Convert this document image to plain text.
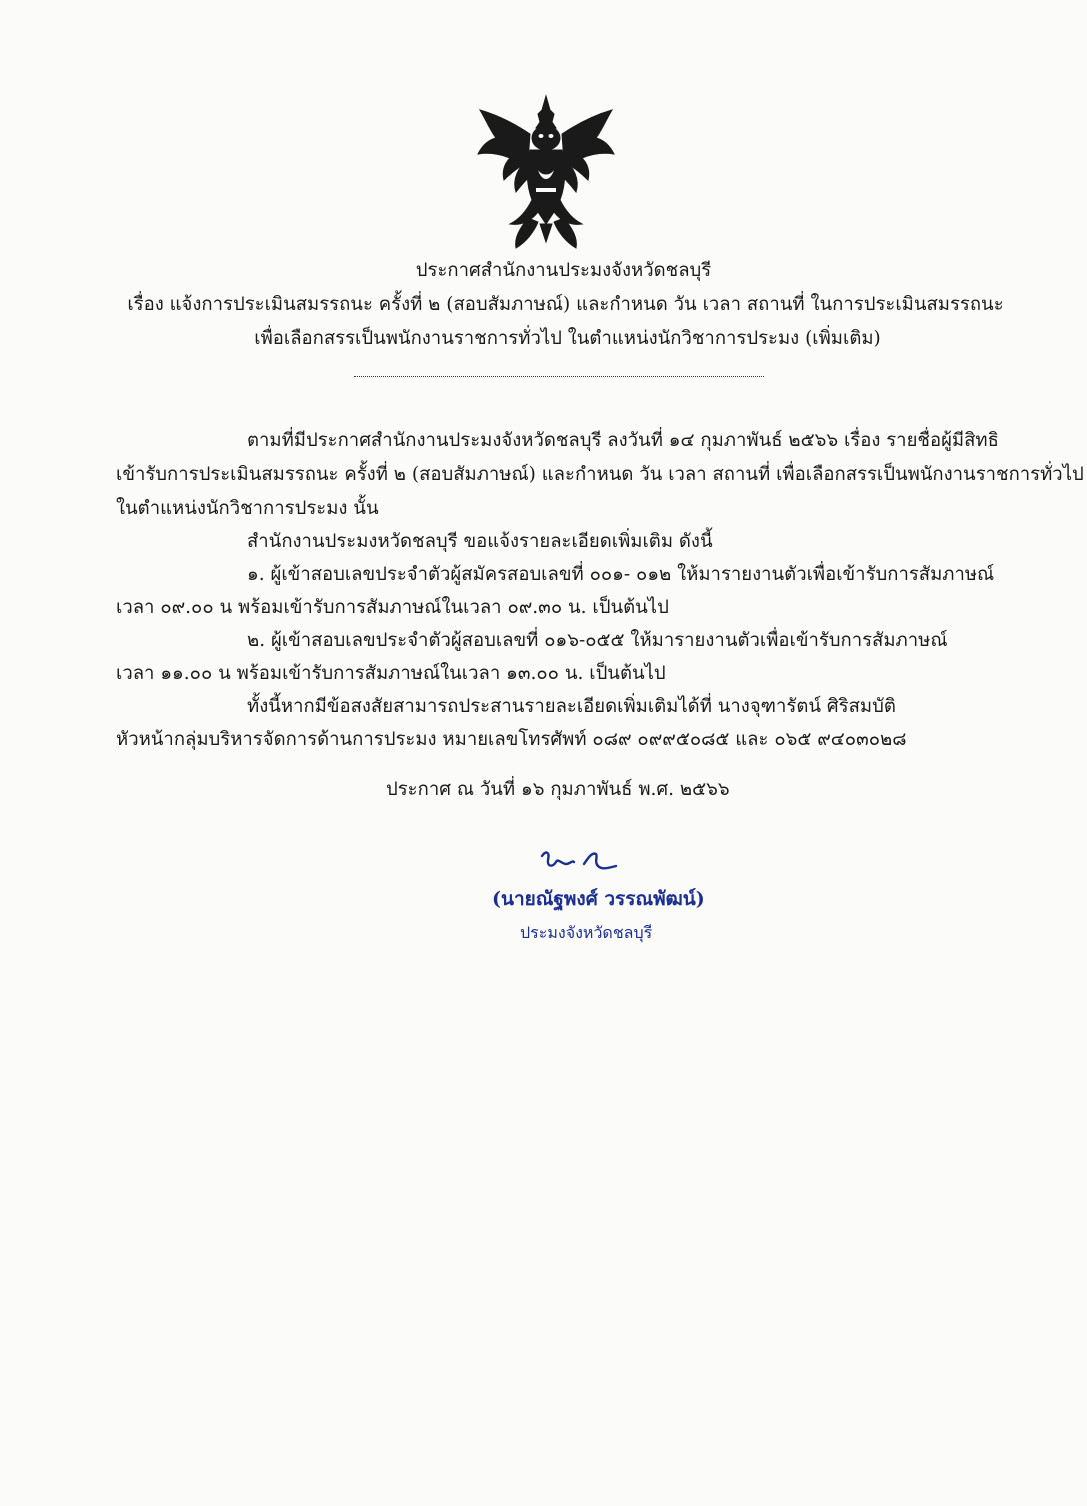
ประกาศสำนักงานประมงจังหวัดชลบุรี
เรื่อง แจ้งการประเมินสมรรถนะ ครั้งที่ ๒ (สอบสัมภาษณ์) และกำหนด วัน เวลา สถานที่ ในการประเมินสมรรถนะ
เพื่อเลือกสรรเป็นพนักงานราชการทั่วไป ในตำแหน่งนักวิชาการประมง (เพิ่มเติม)
ตามที่มีประกาศสำนักงานประมงจังหวัดชลบุรี ลงวันที่ ๑๔ กุมภาพันธ์ ๒๕๖๖ เรื่อง รายชื่อผู้มีสิทธิ
เข้ารับการประเมินสมรรถนะ ครั้งที่ ๒ (สอบสัมภาษณ์) และกำหนด วัน เวลา สถานที่ เพื่อเลือกสรรเป็นพนักงานราชการทั่วไป
ในตำแหน่งนักวิชาการประมง นั้น
สำนักงานประมงหวัดชลบุรี ขอแจ้งรายละเอียดเพิ่มเติม ดังนี้
๑. ผู้เข้าสอบเลขประจำตัวผู้สมัครสอบเลขที่ ๐๐๑- ๐๑๒ ให้มารายงานตัวเพื่อเข้ารับการสัมภาษณ์
เวลา ๐๙.๐๐ น พร้อมเข้ารับการสัมภาษณ์ในเวลา ๐๙.๓๐ น. เป็นต้นไป
๒. ผู้เข้าสอบเลขประจำตัวผู้สอบเลขที่ ๐๑๖-๐๕๕ ให้มารายงานตัวเพื่อเข้ารับการสัมภาษณ์
เวลา ๑๑.๐๐ น พร้อมเข้ารับการสัมภาษณ์ในเวลา ๑๓.๐๐ น. เป็นต้นไป
ทั้งนี้หากมีข้อสงสัยสามารถประสานรายละเอียดเพิ่มเติมได้ที่ นางจุฑารัตน์ ศิริสมบัติ
หัวหน้ากลุ่มบริหารจัดการด้านการประมง หมายเลขโทรศัพท์ ๐๘๙ ๐๙๙๕๐๘๕ และ ๐๖๕ ๙๔๐๓๐๒๘
ประกาศ ณ วันที่ ๑๖ กุมภาพันธ์ พ.ศ. ๒๕๖๖
(นายณัฐพงศ์ วรรณพัฒน์)
ประมงจังหวัดชลบุรี
